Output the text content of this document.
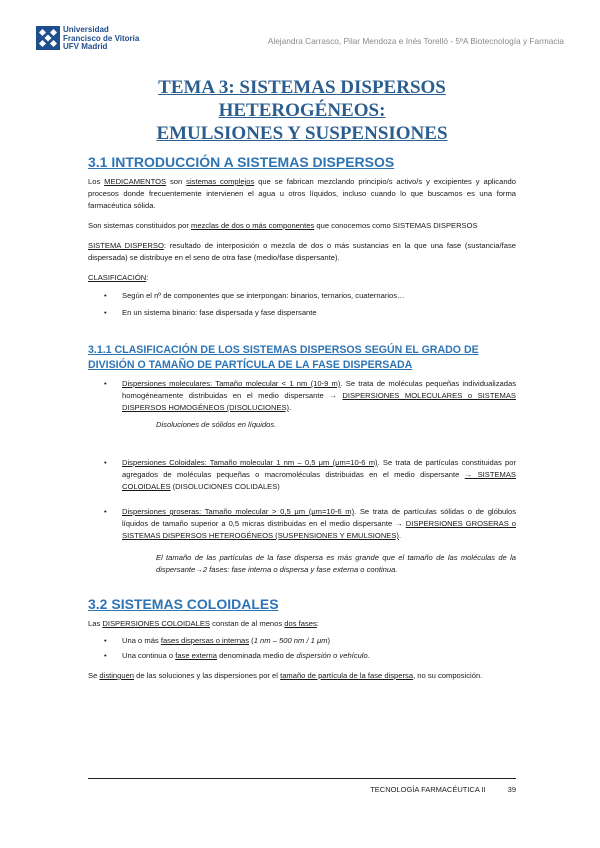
Universidad
Francisco de Vitoria
UFV Madrid
Alejandra Carrasco, Pilar Mendoza e Inés Torelló - 5ºA Biotecnología y Farmacia
TEMA 3: SISTEMAS DISPERSOS HETEROGÉNEOS:
EMULSIONES Y SUSPENSIONES
3.1 INTRODUCCIÓN A SISTEMAS DISPERSOS

Los MEDICAMENTOS son sistemas complejos que se fabrican mezclando principio/s activo/s y excipientes y aplicando procesos donde frecuentemente intervienen el agua u otros líquidos, incluso cuando lo que buscamos es una forma farmacéutica sólida.

Son sistemas constituidos por mezclas de dos o más componentes que conocemos como SISTEMAS DISPERSOS

SISTEMA DISPERSO: resultado de interposición o mezcla de dos o más sustancias en la que una fase (sustancia/fase dispersada) se distribuye en el seno de otra fase (medio/fase dispersante).

CLASIFICACIÓN:

• Según el nº de componentes que se interpongan: binarios, ternarios, cuaternarios…
• En un sistema binario: fase dispersada y fase dispersante
3.1.1 CLASIFICACIÓN DE LOS SISTEMAS DISPERSOS SEGÚN EL GRADO DE DIVISIÓN O TAMAÑO DE PARTÍCULA DE LA FASE DISPERSADA
• Dispersiones moleculares: Tamaño molecular < 1 nm (10-9 m). Se trata de moléculas pequeñas individualizadas homogéneamente distribuidas en el medio dispersante → DISPERSIONES MOLECULARES o SISTEMAS DISPERSOS HOMOGÉNEOS (DISOLUCIONES).

Disoluciones de sólidos en líquidos.

• Dispersiones Coloidales: Tamaño molecular 1 nm – 0,5 μm (μm=10-6 m). Se trata de partículas constituidas por agregados de moléculas pequeñas o macromoléculas distribuidas en el medio dispersante → SISTEMAS COLOIDALES (DISOLUCIONES COLIDALES)
• Dispersiones groseras: Tamaño molecular > 0,5 μm (μm=10-6 m). Se trata de partículas sólidas o de glóbulos líquidos de tamaño superior a 0,5 micras distribuidas en el medio dispersante → DISPERSIONES GROSERAS o SISTEMAS DISPERSOS HETEROGÉNEOS (SUSPENSIONES Y EMULSIONES).

El tamaño de las partículas de la fase dispersa es más grande que el tamaño de las moléculas de la dispersante→2 fases: fase interna o dispersa y fase externa o continua.

3.2 SISTEMAS COLOIDALES

Las DISPERSIONES COLOIDALES constan de al menos dos fases:

• Una o más fases dispersas o internas (1 nm – 500 nm / 1 μm)
• Una continua o fase externa denominada medio de dispersión o vehículo.

Se distinguen de las soluciones y las dispersiones por el tamaño de partícula de la fase dispersa, no su composición.

TECNOLOGÍA FARMACÉUTICA II	39
